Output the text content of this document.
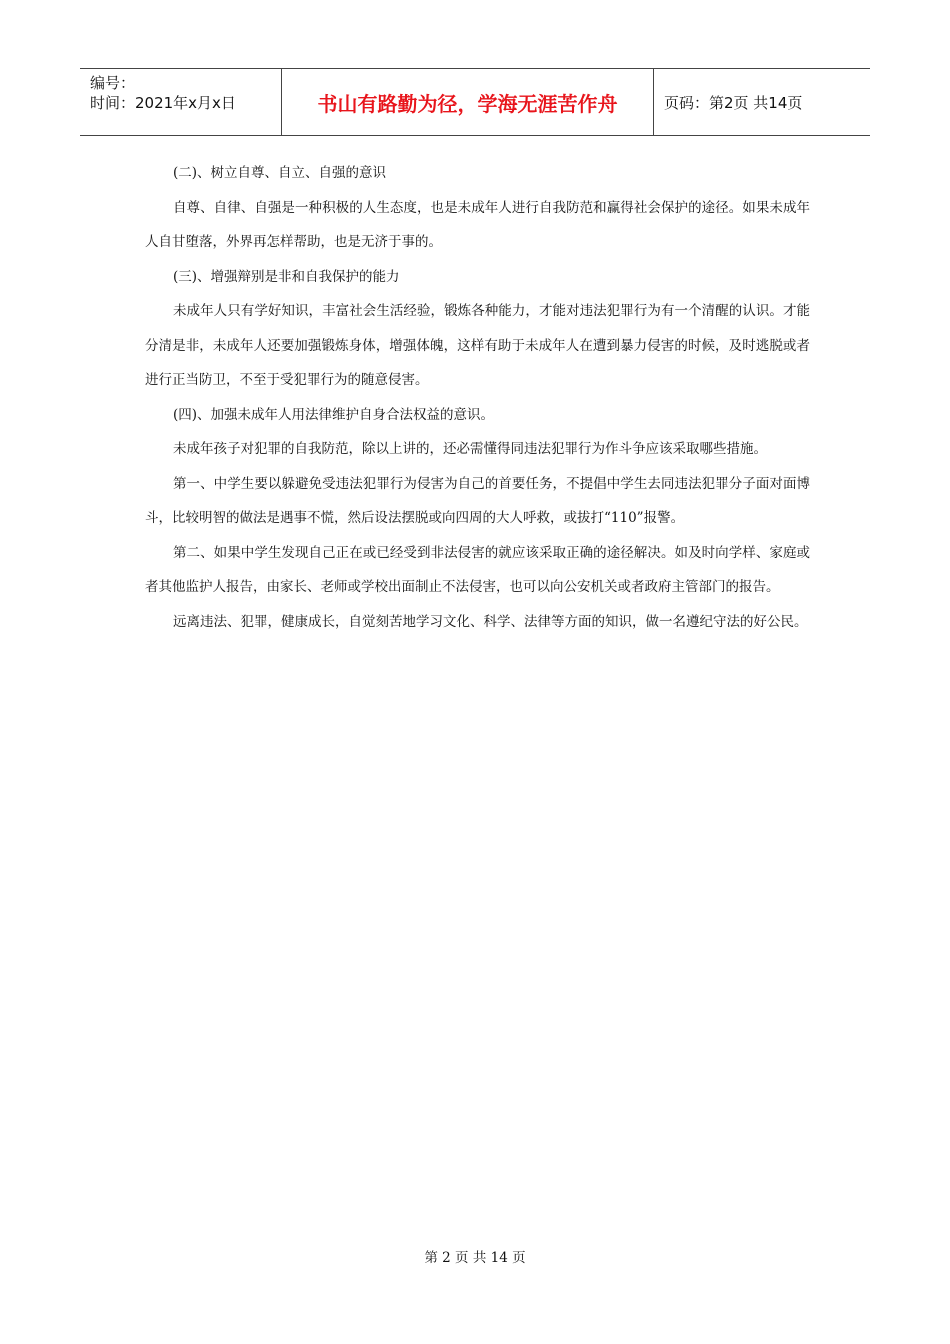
编号：
时间：2021年x月x日	书山有路勤为径，学海无涯苦作舟	页码：第2页 共14页

(二)、树立自尊、自立、自强的意识

自尊、自律、自强是一种积极的人生态度，也是未成年人进行自我防范和赢得社会保护的途径。如果未成年人自甘堕落，外界再怎样帮助，也是无济于事的。

(三)、增强辩别是非和自我保护的能力

未成年人只有学好知识，丰富社会生活经验，锻炼各种能力，才能对违法犯罪行为有一个清醒的认识。才能分清是非，未成年人还要加强锻炼身体，增强体魄，这样有助于未成年人在遭到暴力侵害的时候，及时逃脱或者进行正当防卫，不至于受犯罪行为的随意侵害。

(四)、加强未成年人用法律维护自身合法权益的意识。

未成年孩子对犯罪的自我防范，除以上讲的，还必需懂得同违法犯罪行为作斗争应该采取哪些措施。

第一、中学生要以躲避免受违法犯罪行为侵害为自己的首要任务，不提倡中学生去同违法犯罪分子面对面博斗，比较明智的做法是遇事不慌，然后设法摆脱或向四周的大人呼救，或拔打“110”报警。

第二、如果中学生发现自己正在或已经受到非法侵害的就应该采取正确的途径解决。如及时向学样、家庭或者其他监护人报告，由家长、老师或学校出面制止不法侵害，也可以向公安机关或者政府主管部门的报告。

远离违法、犯罪，健康成长，自觉刻苦地学习文化、科学、法律等方面的知识，做一名遵纪守法的好公民。

第 2 页 共 14 页
